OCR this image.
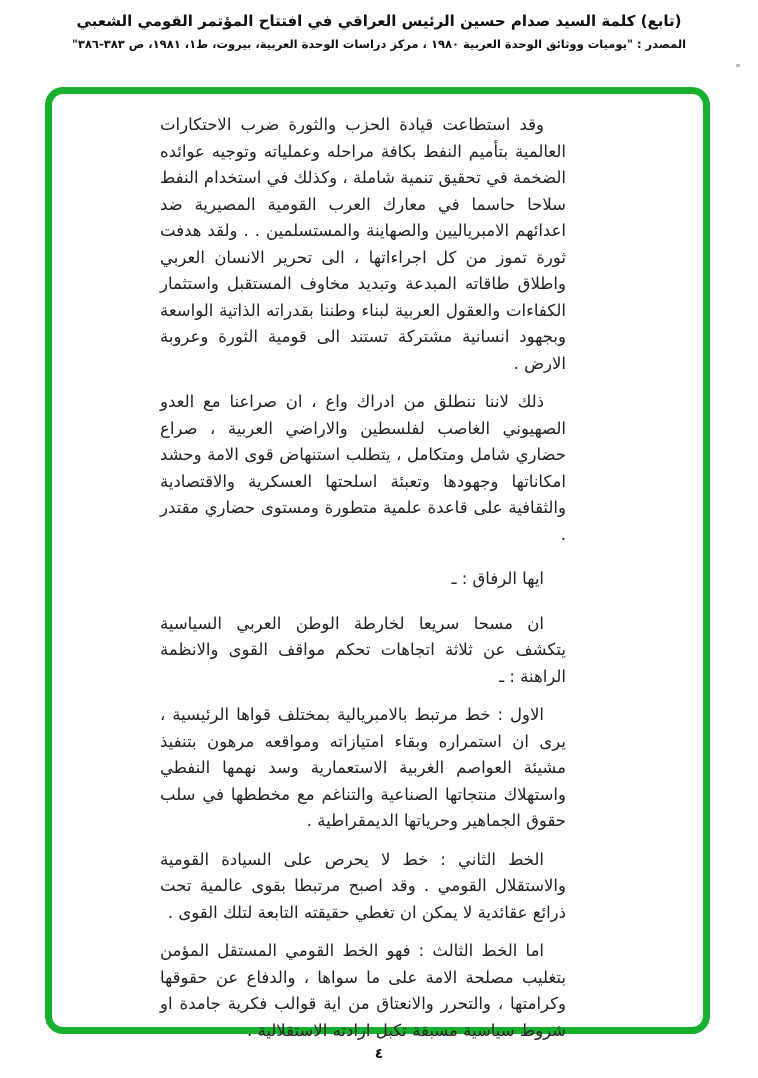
(تابع) كلمة السيد صدام حسين الرئيس العراقي في افتتاح المؤتمر القومي الشعبي
المصدر : "يوميات ووثائق الوحدة العربية ١٩٨٠ ، مركز دراسات الوحدة العربية، بيروت، ط١، ١٩٨١، ص ٣٨٣-٣٨٦"

وقد استطاعت قيادة الحزب والثورة ضرب الاحتكارات العالمية بتأميم النفط بكافة مراحله وعملياته وتوجيه عوائده الضخمة في تحقيق تنمية شاملة ، وكذلك في استخدام النفط سلاحا حاسما في معارك العرب القومية المصيرية ضد اعدائهم الامبرياليين والصهاينة والمستسلمين . . ولقد هدفت ثورة تموز من كل اجراءاتها ، الى تحرير الانسان العربي واطلاق طاقاته المبدعة وتبديد مخاوف المستقبل واستثمار الكفاءات والعقول العربية لبناء وطننا بقدراته الذاتية الواسعة وبجهود انسانية مشتركة تستند الى قومية الثورة وعروبة الارض .

ذلك لاننا ننطلق من ادراك واع ، ان صراعنا مع العدو الصهيوني الغاصب لفلسطين والاراضي العربية ، صراع حضاري شامل ومتكامل ، يتطلب استنهاض قوى الامة وحشد امكاناتها وجهودها وتعبئة اسلحتها العسكرية والاقتصادية والثقافية على قاعدة علمية متطورة ومستوى حضاري مقتدر .

ايها الرفاق : ـ

ان مسحا سريعا لخارطة الوطن العربي السياسية يتكشف عن ثلاثة اتجاهات تحكم مواقف القوى والانظمة الراهنة : ـ

الاول : خط مرتبط بالامبريالية بمختلف قواها الرئيسية ، يرى ان استمراره وبقاء امتيازاته ومواقعه مرهون بتنفيذ مشيئة العواصم الغربية الاستعمارية وسد نهمها النفطي واستهلاك منتجاتها الصناعية والتناغم مع مخططها في سلب حقوق الجماهير وحرياتها الديمقراطية .

الخط الثاني : خط لا يحرص على السيادة القومية والاستقلال القومي . وقد اصبح مرتبطا بقوى عالمية تحت ذرائع عقائدية لا يمكن ان تغطي حقيقته التابعة لتلك القوى .

اما الخط الثالث : فهو الخط القومي المستقل المؤمن بتغليب مصلحة الامة على ما سواها ، والدفاع عن حقوقها وكرامتها ، والتحرر والانعتاق من اية قوالب فكرية جامدة او شروط سياسية مسبقة تكبل ارادته الاستقلالية .

٤
